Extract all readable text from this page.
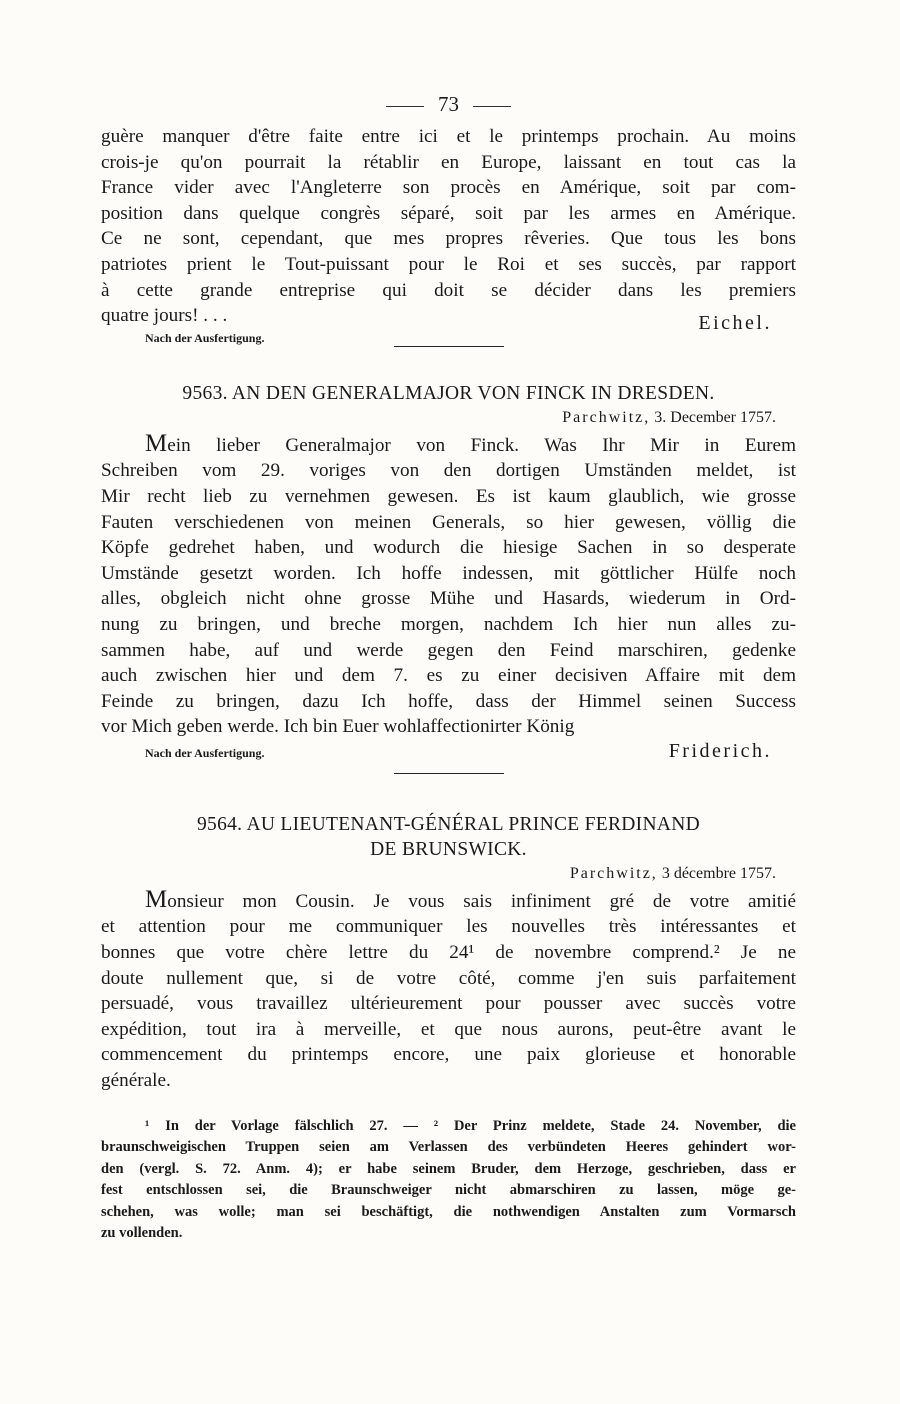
73
guère manquer d'être faite entre ici et le printemps prochain. Au moins
crois-je qu'on pourrait la rétablir en Europe, laissant en tout cas la
France vider avec l'Angleterre son procès en Amérique, soit par com-
position dans quelque congrès séparé, soit par les armes en Amérique.
Ce ne sont, cependant, que mes propres rêveries. Que tous les bons
patriotes prient le Tout-puissant pour le Roi et ses succès, par rapport
à cette grande entreprise qui doit se décider dans les premiers
quatre jours! . . .	Eichel.
Nach der Ausfertigung.
9563. AN DEN GENERALMAJOR VON FINCK IN DRESDEN.
Parchwitz, 3. December 1757.
Mein lieber Generalmajor von Finck. Was Ihr Mir in Eurem
Schreiben vom 29. voriges von den dortigen Umständen meldet, ist
Mir recht lieb zu vernehmen gewesen. Es ist kaum glaublich, wie grosse
Fauten verschiedenen von meinen Generals, so hier gewesen, völlig die
Köpfe gedrehet haben, und wodurch die hiesige Sachen in so desperate
Umstände gesetzt worden. Ich hoffe indessen, mit göttlicher Hülfe noch
alles, obgleich nicht ohne grosse Mühe und Hasards, wiederum in Ord-
nung zu bringen, und breche morgen, nachdem Ich hier nun alles zu-
sammen habe, auf und werde gegen den Feind marschiren, gedenke
auch zwischen hier und dem 7. es zu einer decisiven Affaire mit dem
Feinde zu bringen, dazu Ich hoffe, dass der Himmel seinen Success
vor Mich geben werde. Ich bin Euer wohlaffectionirter König
Nach der Ausfertigung.	Friderich.
9564. AU LIEUTENANT-GÉNÉRAL PRINCE FERDINAND
DE BRUNSWICK.
Parchwitz, 3 décembre 1757.
Monsieur mon Cousin. Je vous sais infiniment gré de votre amitié
et attention pour me communiquer les nouvelles très intéressantes et
bonnes que votre chère lettre du 24¹ de novembre comprend.² Je ne
doute nullement que, si de votre côté, comme j'en suis parfaitement
persuadé, vous travaillez ultérieurement pour pousser avec succès votre
expédition, tout ira à merveille, et que nous aurons, peut-être avant le
commencement du printemps encore, une paix glorieuse et honorable
générale.
¹ In der Vorlage fälschlich 27. — ² Der Prinz meldete, Stade 24. November, die
braunschweigischen Truppen seien am Verlassen des verbündeten Heeres gehindert wor-
den (vergl. S. 72. Anm. 4); er habe seinem Bruder, dem Herzoge, geschrieben, dass er
fest entschlossen sei, die Braunschweiger nicht abmarschiren zu lassen, möge ge-
schehen, was wolle; man sei beschäftigt, die nothwendigen Anstalten zum Vormarsch
zu vollenden.
